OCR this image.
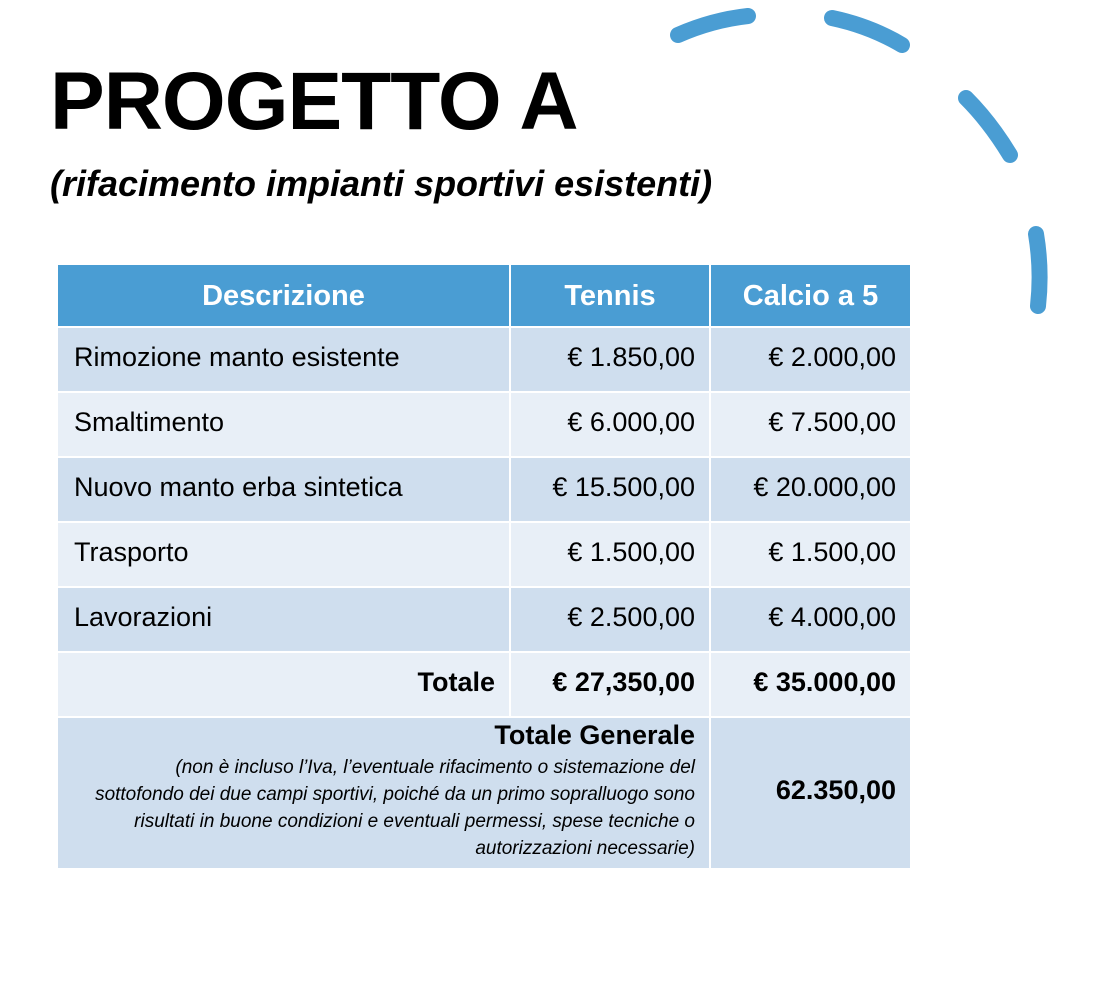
PROGETTO A
(rifacimento impianti sportivi esistenti)
Descrizione	Tennis	Calcio a 5
Rimozione manto esistente	€ 1.850,00	€ 2.000,00
Smaltimento	€ 6.000,00	€ 7.500,00
Nuovo manto erba sintetica	€ 15.500,00	€ 20.000,00
Trasporto	€ 1.500,00	€ 1.500,00
Lavorazioni	€ 2.500,00	€ 4.000,00
Totale	€ 27,350,00	€ 35.000,00

Totale Generale
(non è incluso l’Iva, l’eventuale rifacimento o sistemazione del sottofondo dei due campi sportivi, poiché da un primo sopralluogo sono risultati in buone condizioni e eventuali permessi, spese tecniche o autorizzazioni necessarie)		62.350,00
